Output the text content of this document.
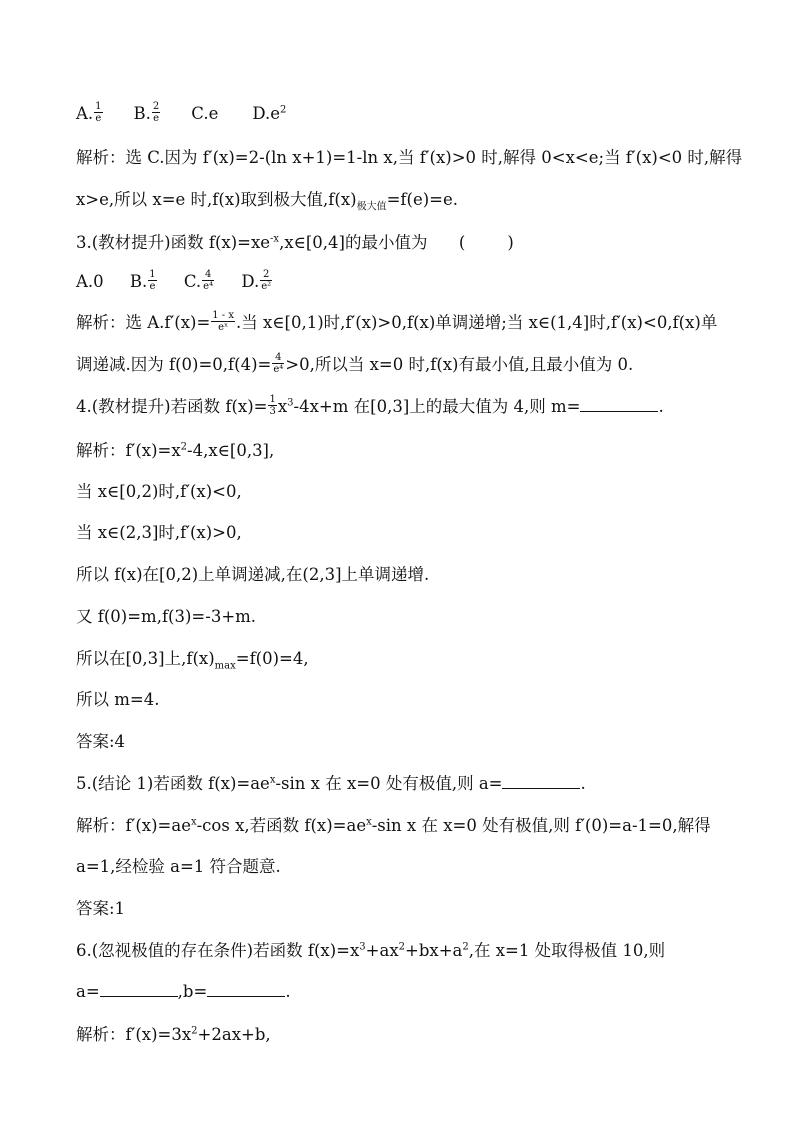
A. $\frac{1}{e} B$. $\frac{2}{e} C.e$ $D.e^2$
解析：选 C.因为 f′(x)=2-(ln x+1)=1-ln x,当 f′(x)>0 时,解得 0<x<e;当 f′(x)<0 时,解得
x>e,所以 x=e 时,f(x)取到极大值$,f(x)_{极大值}=f(e)=e$.
3.(教材提升)函数 $f(x)=xe^{-x},x\in[0,4]$的最小值为      (        )
A.0     B. $\frac{1}{e} C$. $\frac{4}{\text{e⁴}} D$. $\frac{2}{\text{e²}}$
解析：选 $A.f'(x)= \frac{1 - x}{\text{eˣ}}$ .当 x∈[0,1)时,f′(x)>0,f(x)单调递增;当 x∈(1,4]时,f′(x)<0,f(x)单
调递减.因为 $f(0)=0,f(4)= \frac{4}{\text{e⁴}} >0$,所以当 x=0 时,f(x)有最小值,且最小值为 0.
4.(教材提升)若函数 $f(x)= \frac{1}{3} x^3-4x+m$ 在[0,3]上的最大值为 4,则 m=	.
解析：$f'(x)=x^2-4,x\in[0,3]$,
当 x∈[0,2)时,f′(x)<0,
当 x∈(2,3]时,f′(x)>0,
所以 f(x)在[0,2)上单调递减,在(2,3]上单调递增.
又 f(0)=m,f(3)=-3+m.
所以在[0,3]上$,f(x)_{max}=f(0)=4$,
所以 m=4.
答案:4
5.(结论 1)若函数 $f(x)=ae^x-\sin$ x 在 x=0 处有极值,则 a=	.
解析：$f'(x)=ae^x-\cos$ x,若函数 $f(x)=ae^x-\sin$ x 在 x=0 处有极值,则 f′(0)=a-1=0,解得
a=1,经检验 a=1 符合题意.
答案:1
6.(忽视极值的存在条件)若函数 $f(x)=x^3+ax^2+bx+a^2$,在 x=1 处取得极值 10,则
a=	,b=	.
解析：$f'(x)=3x^2+2ax+b$,
